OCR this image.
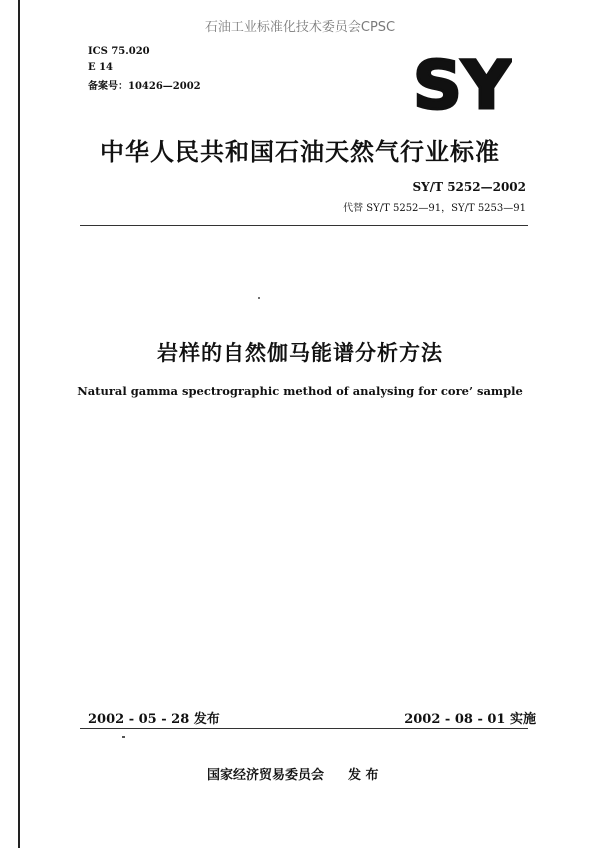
石油工业标准化技术委员会CPSC
ICS 75.020
E 14
备案号：10426—2002	SY
中华人民共和国石油天然气行业标准
SY/T 5252—2002
代替 SY/T 5252—91，SY/T 5253—91
岩样的自然伽马能谱分析方法
Natural gamma spectrographic method of analysing for core’ sample
2002 - 05 - 28 发布	2002 - 08 - 01 实施
国家经济贸易委员会 发 布
